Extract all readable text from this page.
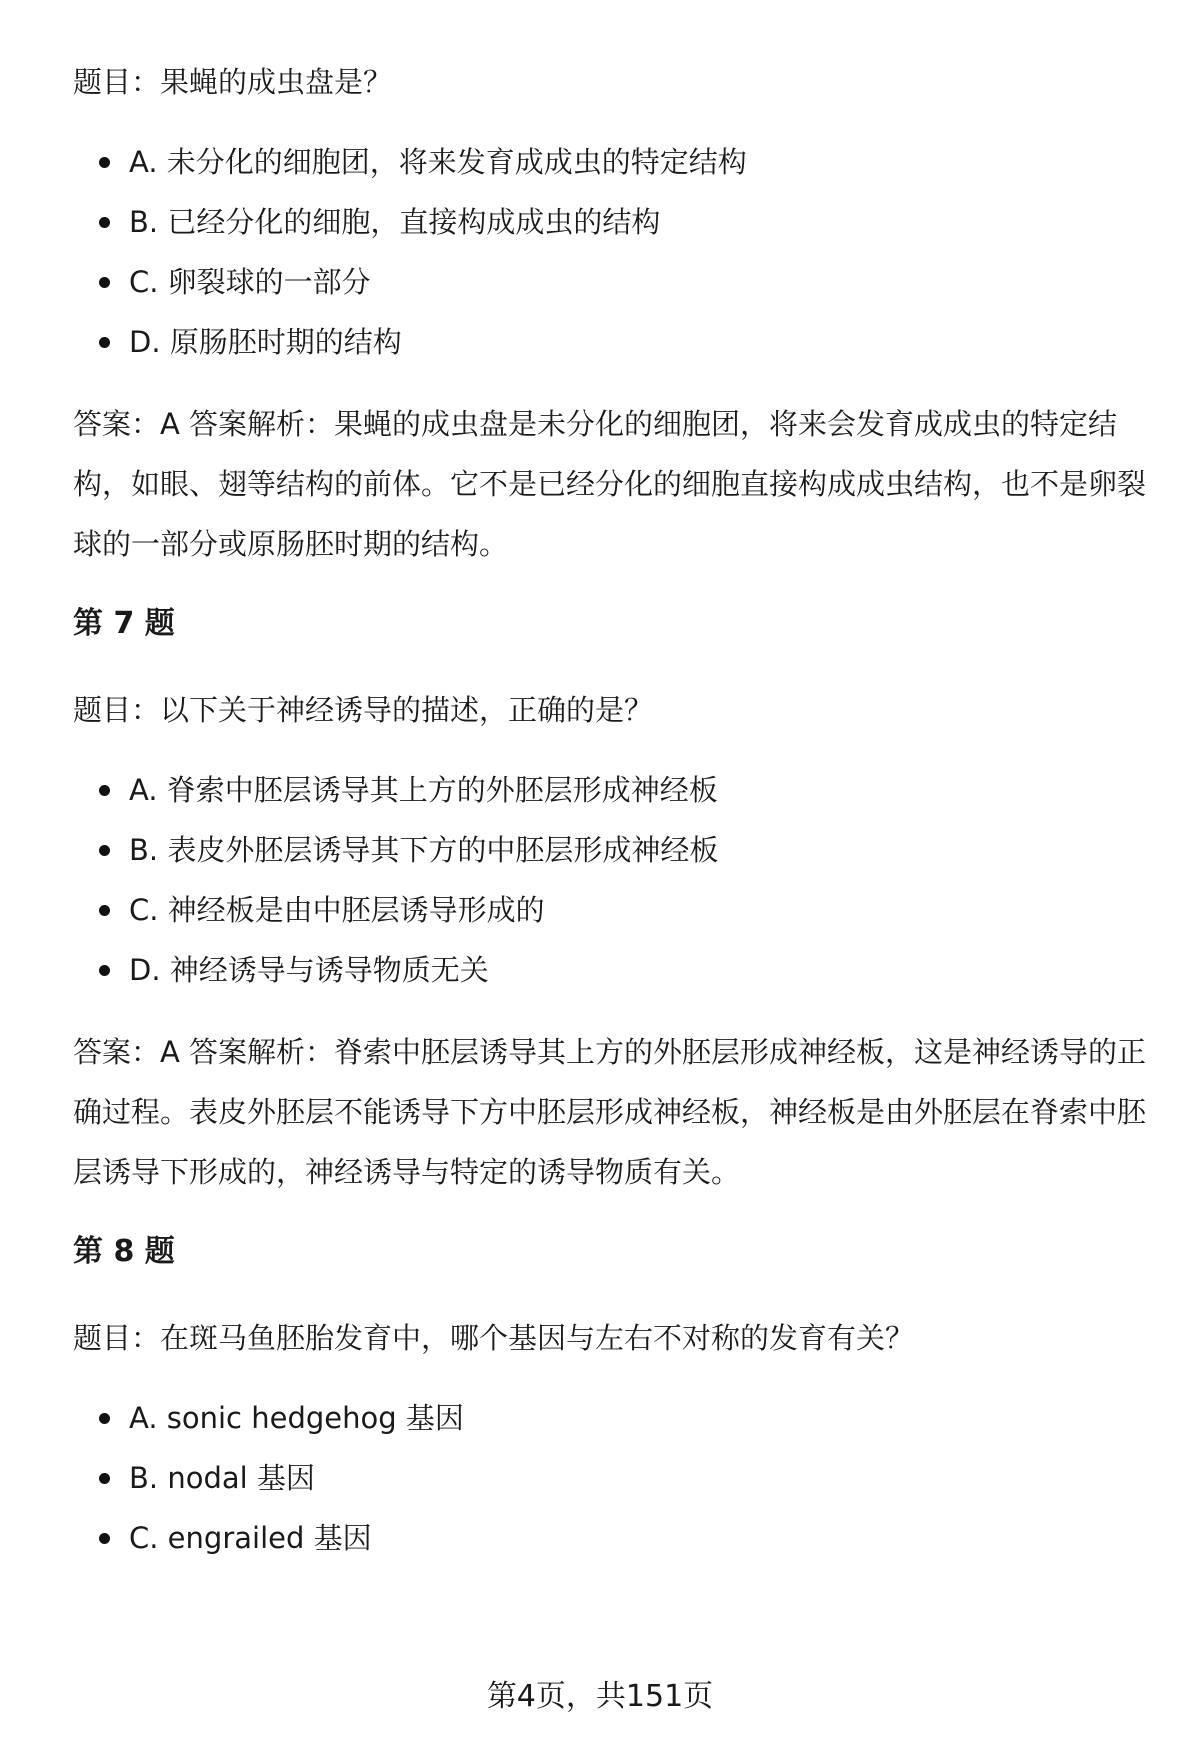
题目：果蝇的成虫盘是？

A. 未分化的细胞团，将来发育成成虫的特定结构
B. 已经分化的细胞，直接构成成虫的结构
C. 卵裂球的一部分
D. 原肠胚时期的结构

答案：A 答案解析：果蝇的成虫盘是未分化的细胞团，将来会发育成成虫的特定结构，如眼、翅等结构的前体。它不是已经分化的细胞直接构成成虫结构，也不是卵裂球的一部分或原肠胚时期的结构。

第 7 题

题目：以下关于神经诱导的描述，正确的是？

A. 脊索中胚层诱导其上方的外胚层形成神经板
B. 表皮外胚层诱导其下方的中胚层形成神经板
C. 神经板是由中胚层诱导形成的
D. 神经诱导与诱导物质无关

答案：A 答案解析：脊索中胚层诱导其上方的外胚层形成神经板，这是神经诱导的正确过程。表皮外胚层不能诱导下方中胚层形成神经板，神经板是由外胚层在脊索中胚层诱导下形成的，神经诱导与特定的诱导物质有关。

第 8 题

题目：在斑马鱼胚胎发育中，哪个基因与左右不对称的发育有关？

A. sonic hedgehog 基因
B. nodal 基因
C. engrailed 基因
第4页，共151页
